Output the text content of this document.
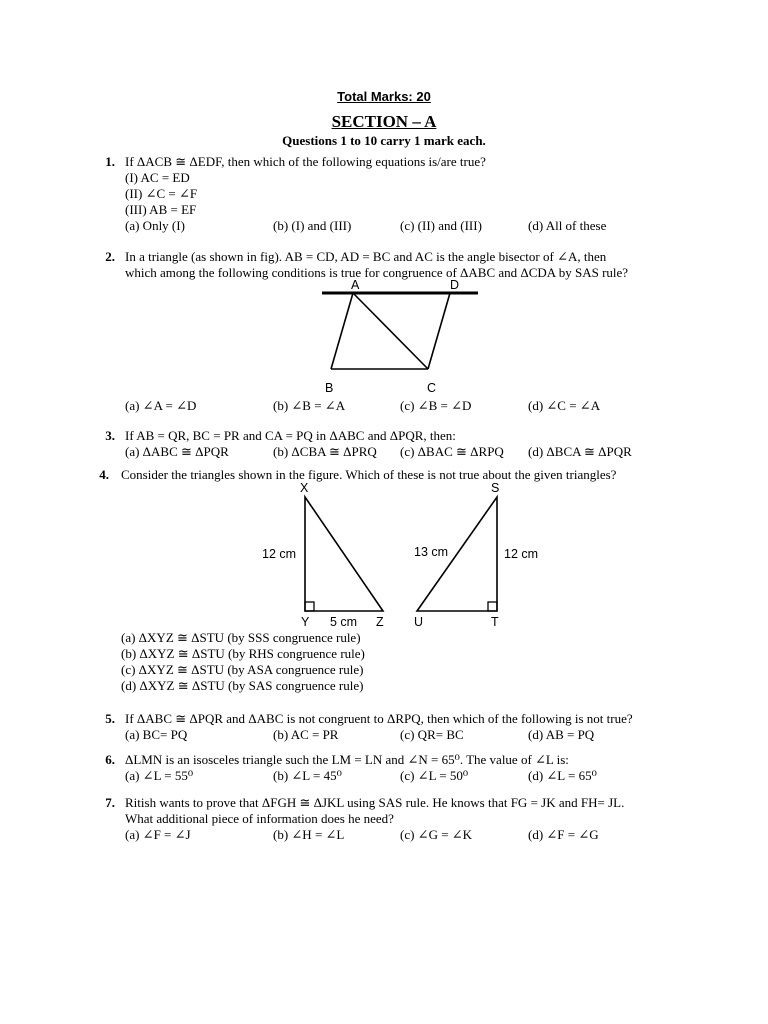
Total Marks: 20
SECTION – A
Questions 1 to 10 carry 1 mark each.
1. If ΔACB ≅ ΔEDF, then which of the following equations is/are true?
(I) AC = ED
(II) ∠C = ∠F
(III) AB = EF
(a) Only (I)	(b) (I) and (III)	(c) (II) and (III)	(d) All of these
2. In a triangle (as shown in fig). AB = CD, AD = BC and AC is the angle bisector of ∠A, then
which among the following conditions is true for congruence of ΔABC and ΔCDA by SAS rule?
A	D
B	C
X
12 cm
Y 5 cm Z
S
13 cm	12 cm
U	T
(a) ∠A = ∠D	(b) ∠B = ∠A	(c) ∠B = ∠D	(d) ∠C = ∠A
3. If AB = QR, BC = PR and CA = PQ in ΔABC and ΔPQR, then:
(a) ΔABC ≅ ΔPQR	(b) ΔCBA ≅ ΔPRQ (c) ΔBAC ≅ ΔRPQ (d) ΔBCA ≅ ΔPQR
4. Consider the triangles shown in the figure. Which of these is not true about the given triangles?
(a) ΔXYZ ≅ ΔSTU (by SSS congruence rule)
(b) ΔXYZ ≅ ΔSTU (by RHS congruence rule)
(c) ΔXYZ ≅ ΔSTU (by ASA congruence rule)
(d) ΔXYZ ≅ ΔSTU (by SAS congruence rule)
5. If ΔABC ≅ ΔPQR and ΔABC is not congruent to ΔRPQ, then which of the following is not true?
(a) BC= PQ	(b) AC = PR	(c) QR= BC	(d) AB = PQ
6. ΔLMN is an isosceles triangle such the LM = LN and ∠N = 65⁰. The value of ∠L is:
(a) ∠L = 55⁰	(b) ∠L = 45⁰	(c) ∠L = 50⁰	(d) ∠L = 65⁰
7. Ritish wants to prove that ΔFGH ≅ ΔJKL using SAS rule. He knows that FG = JK and FH= JL.
What additional piece of information does he need?
(a) ∠F = ∠J	(b) ∠H = ∠L	(c) ∠G = ∠K	(d) ∠F = ∠G
